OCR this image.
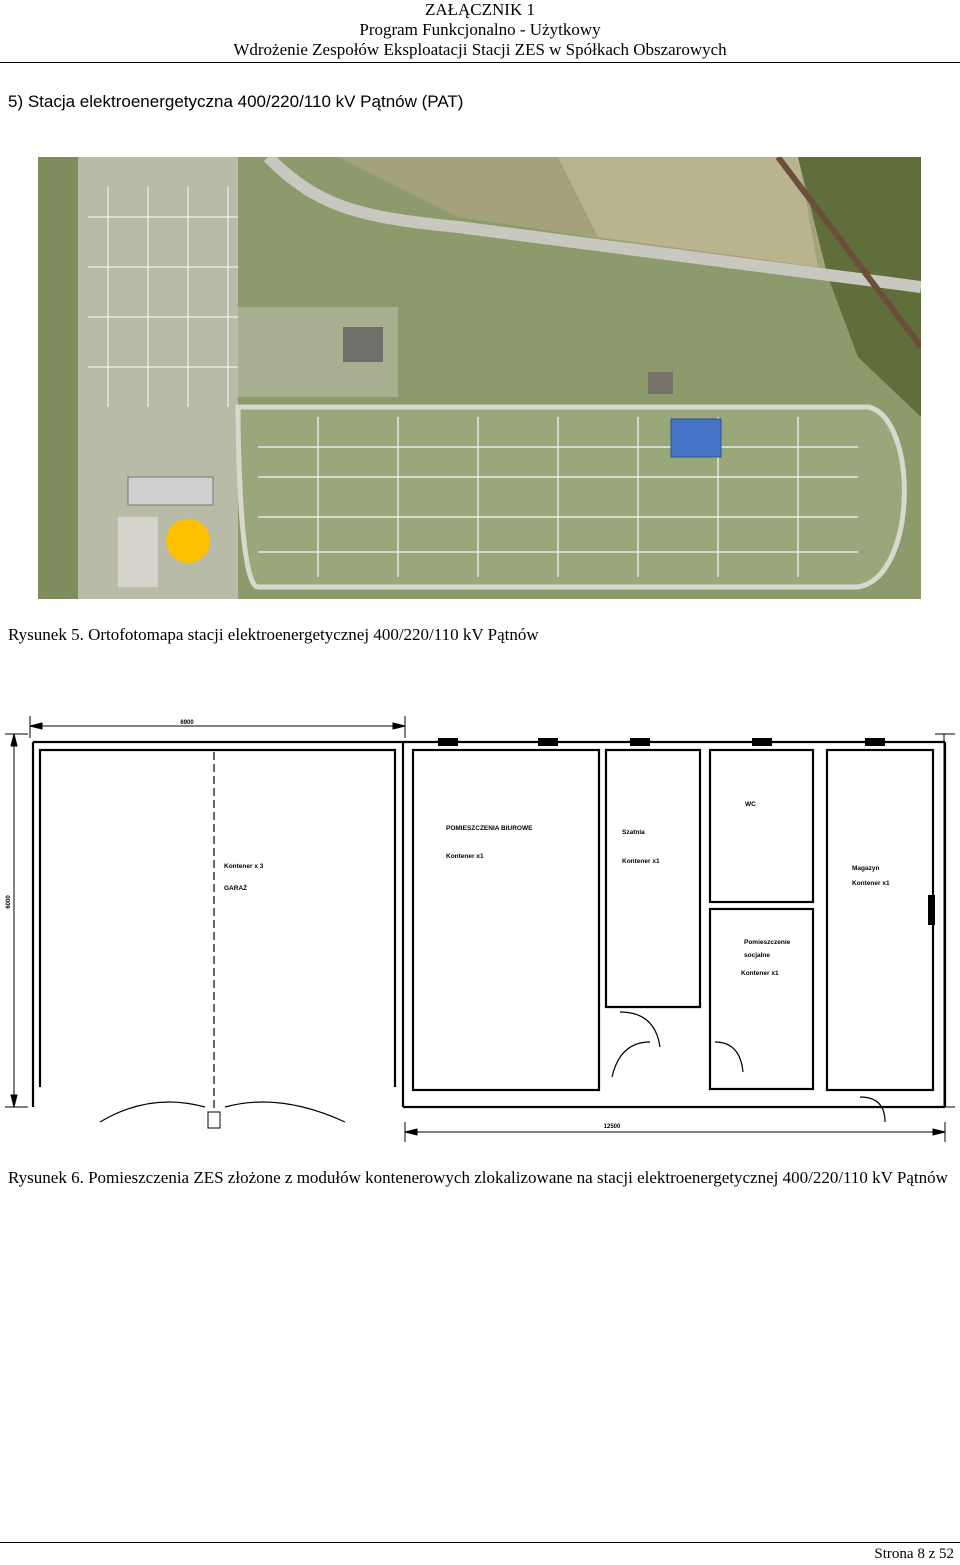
ZAŁĄCZNIK 1
Program Funkcjonalno - Użytkowy
Wdrożenie Zespołów Eksploatacji Stacji ZES w Spółkach Obszarowych
5) Stacja elektroenergetyczna 400/220/110 kV Pątnów (PAT)
Rysunek 5. Ortofotomapa stacji elektroenergetycznej 400/220/110 kV Pątnów
6900
6000
12500
Kontener x 3
GARAŻ
POMIESZCZENIA BIUROWE
Kontener x1
Szatnia
Kontener x1
WC
Pomieszczenie
socjalne
Kontener x1
Magazyn
Kontener x1
Rysunek 6. Pomieszczenia ZES złożone z modułów kontenerowych zlokalizowane na stacji elektroenergetycznej 400/220/110 kV Pątnów
Strona 8 z 52
